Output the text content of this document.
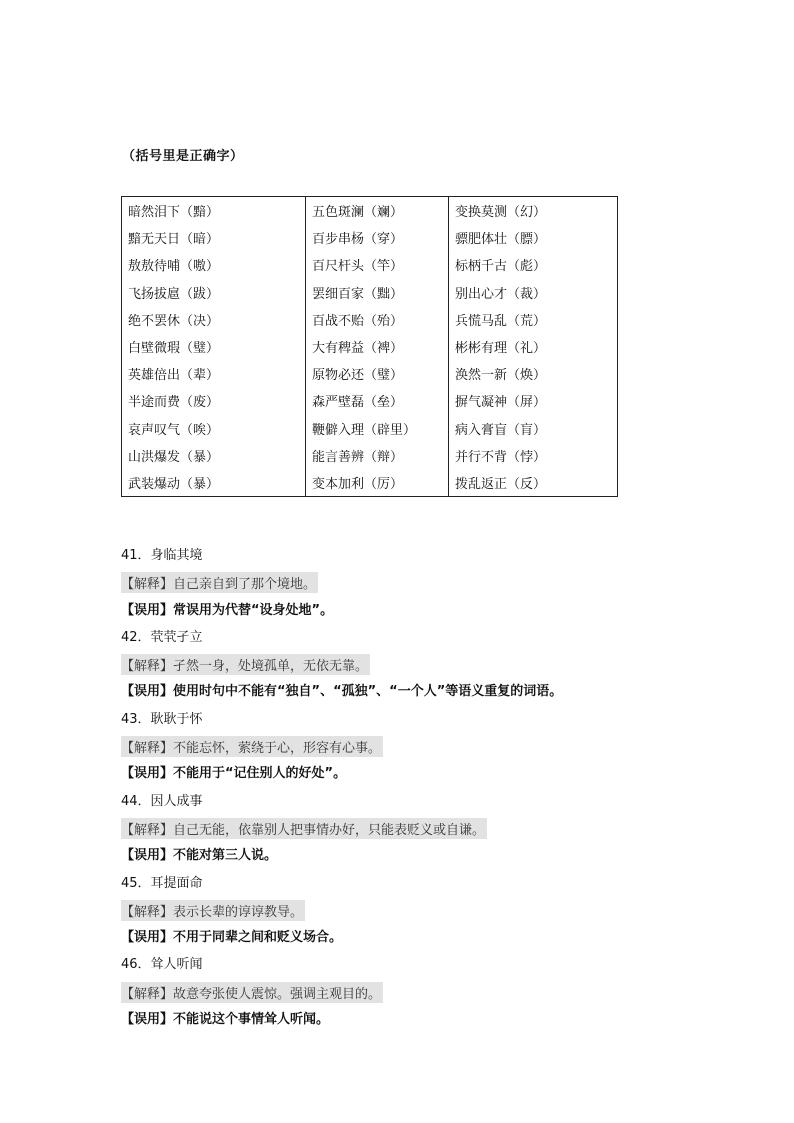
（括号里是正确字）
暗然泪下（黯）	五色斑澜（斓）	变换莫测（幻）
黯无天日（暗）	百步串杨（穿）	骠肥体壮（膘）
敖敖待哺（嗷）	百尺杆头（竿）	标柄千古（彪）
飞扬拔扈（跋）	罢细百家（黜）	别出心才（裁）
绝不罢休（决）	百战不贻（殆）	兵慌马乱（荒）
白壁微瑕（璧）	大有稗益（裨）	彬彬有理（礼）
英雄倍出（辈）	原物必还（璧）	涣然一新（焕）
半途而费（废）	森严壁磊（垒）	摒气凝神（屏）
哀声叹气（唉）	鞭僻入理（辟里）	病入膏盲（肓）
山洪爆发（暴）	能言善辨（辩）	并行不背（悖）
武装爆动（暴）	变本加利（厉）	拨乱返正（反）
41．身临其境
【解释】自己亲自到了那个境地。
【误用】常误用为代替“设身处地”。
42．茕茕孑立
【解释】孑然一身，处境孤单，无依无靠。
【误用】使用时句中不能有“独自”、“孤独”、“一个人”等语义重复的词语。
43．耿耿于怀
【解释】不能忘怀，萦绕于心，形容有心事。
【误用】不能用于“记住别人的好处”。
44．因人成事
【解释】自己无能，依靠别人把事情办好，只能表贬义或自谦。
【误用】不能对第三人说。
45．耳提面命
【解释】表示长辈的谆谆教导。
【误用】不用于同辈之间和贬义场合。
46．耸人听闻
【解释】故意夸张使人震惊。强调主观目的。
【误用】不能说这个事情耸人听闻。
